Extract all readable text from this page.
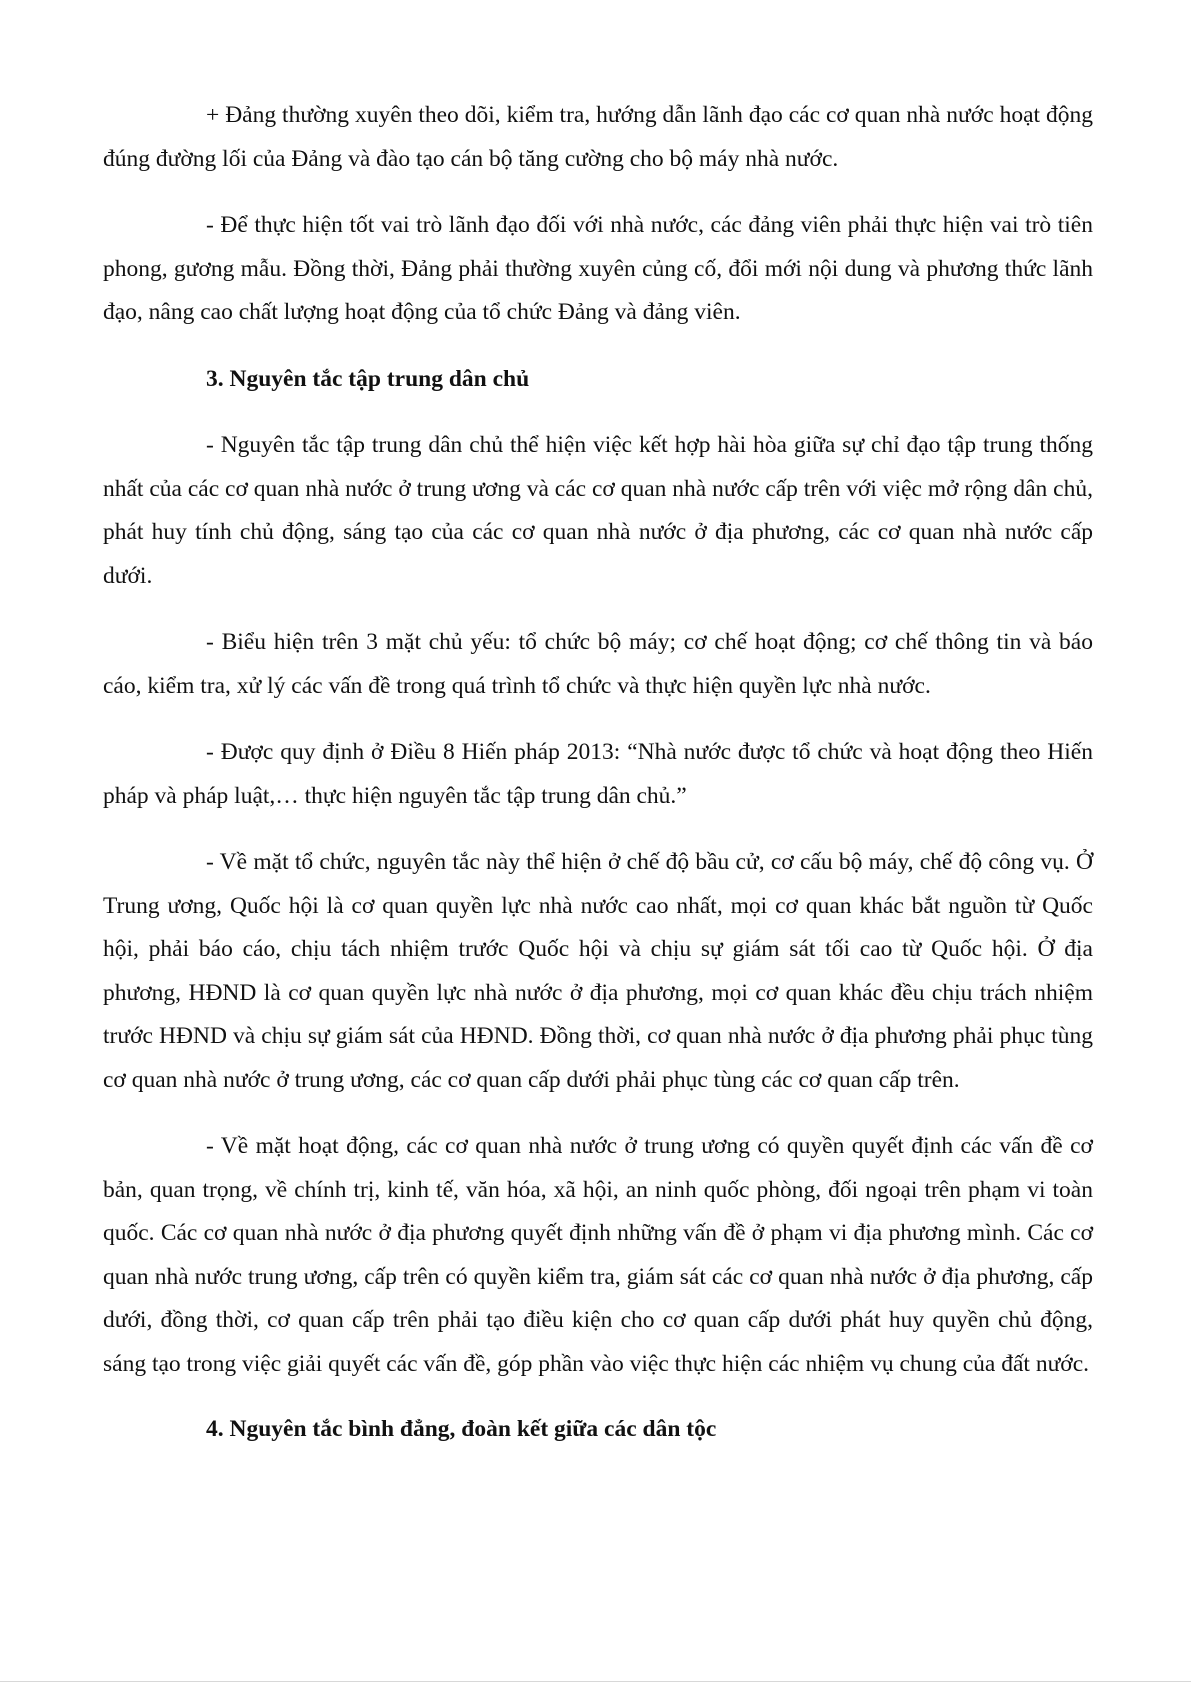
+ Đảng thường xuyên theo dõi, kiểm tra, hướng dẫn lãnh đạo các cơ quan nhà nước hoạt động đúng đường lối của Đảng và đào tạo cán bộ tăng cường cho bộ máy nhà nước.

- Để thực hiện tốt vai trò lãnh đạo đối với nhà nước, các đảng viên phải thực hiện vai trò tiên phong, gương mẫu. Đồng thời, Đảng phải thường xuyên củng cố, đổi mới nội dung và phương thức lãnh đạo, nâng cao chất lượng hoạt động của tổ chức Đảng và đảng viên.

3. Nguyên tắc tập trung dân chủ

- Nguyên tắc tập trung dân chủ thể hiện việc kết hợp hài hòa giữa sự chỉ đạo tập trung thống nhất của các cơ quan nhà nước ở trung ương và các cơ quan nhà nước cấp trên với việc mở rộng dân chủ, phát huy tính chủ động, sáng tạo của các cơ quan nhà nước ở địa phương, các cơ quan nhà nước cấp dưới.

- Biểu hiện trên 3 mặt chủ yếu: tổ chức bộ máy; cơ chế hoạt động; cơ chế thông tin và báo cáo, kiểm tra, xử lý các vấn đề trong quá trình tổ chức và thực hiện quyền lực nhà nước.

- Được quy định ở Điều 8 Hiến pháp 2013: “Nhà nước được tổ chức và hoạt động theo Hiến pháp và pháp luật,… thực hiện nguyên tắc tập trung dân chủ.”

- Về mặt tổ chức, nguyên tắc này thể hiện ở chế độ bầu cử, cơ cấu bộ máy, chế độ công vụ. Ở Trung ương, Quốc hội là cơ quan quyền lực nhà nước cao nhất, mọi cơ quan khác bắt nguồn từ Quốc hội, phải báo cáo, chịu tách nhiệm trước Quốc hội và chịu sự giám sát tối cao từ Quốc hội. Ở địa phương, HĐND là cơ quan quyền lực nhà nước ở địa phương, mọi cơ quan khác đều chịu trách nhiệm trước HĐND và chịu sự giám sát của HĐND. Đồng thời, cơ quan nhà nước ở địa phương phải phục tùng cơ quan nhà nước ở trung ương, các cơ quan cấp dưới phải phục tùng các cơ quan cấp trên.

- Về mặt hoạt động, các cơ quan nhà nước ở trung ương có quyền quyết định các vấn đề cơ bản, quan trọng, về chính trị, kinh tế, văn hóa, xã hội, an ninh quốc phòng, đối ngoại trên phạm vi toàn quốc. Các cơ quan nhà nước ở địa phương quyết định những vấn đề ở phạm vi địa phương mình. Các cơ quan nhà nước trung ương, cấp trên có quyền kiểm tra, giám sát các cơ quan nhà nước ở địa phương, cấp dưới, đồng thời, cơ quan cấp trên phải tạo điều kiện cho cơ quan cấp dưới phát huy quyền chủ động, sáng tạo trong việc giải quyết các vấn đề, góp phần vào việc thực hiện các nhiệm vụ chung của đất nước.

4. Nguyên tắc bình đẳng, đoàn kết giữa các dân tộc
